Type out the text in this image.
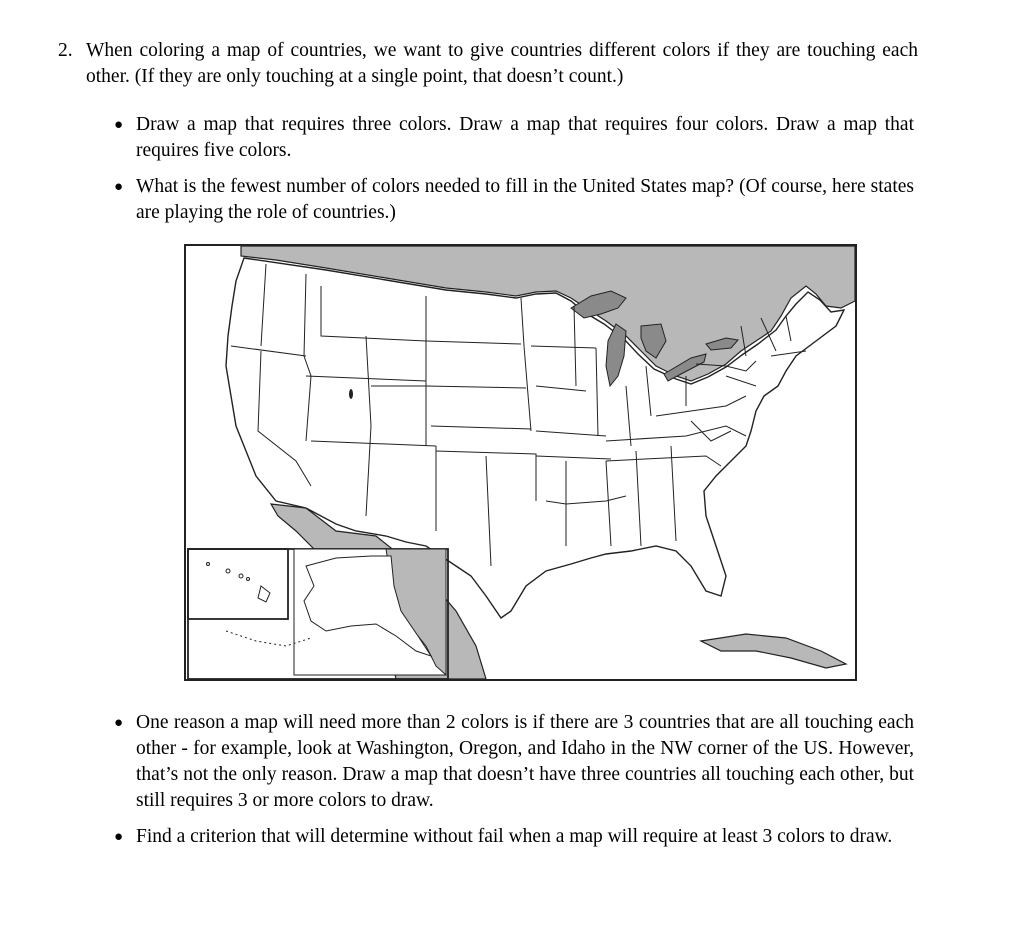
2. When coloring a map of countries, we want to give countries different colors if they are touching each other. (If they are only touching at a single point, that doesn’t count.)
● Draw a map that requires three colors. Draw a map that requires four colors. Draw a map that requires five colors.
● What is the fewest number of colors needed to fill in the United States map? (Of course, here states are playing the role of countries.)
● One reason a map will need more than 2 colors is if there are 3 countries that are all touching each other - for example, look at Washington, Oregon, and Idaho in the NW corner of the US. However, that’s not the only reason. Draw a map that doesn’t have three countries all touching each other, but still requires 3 or more colors to draw.
● Find a criterion that will determine without fail when a map will require at least 3 colors to draw.
